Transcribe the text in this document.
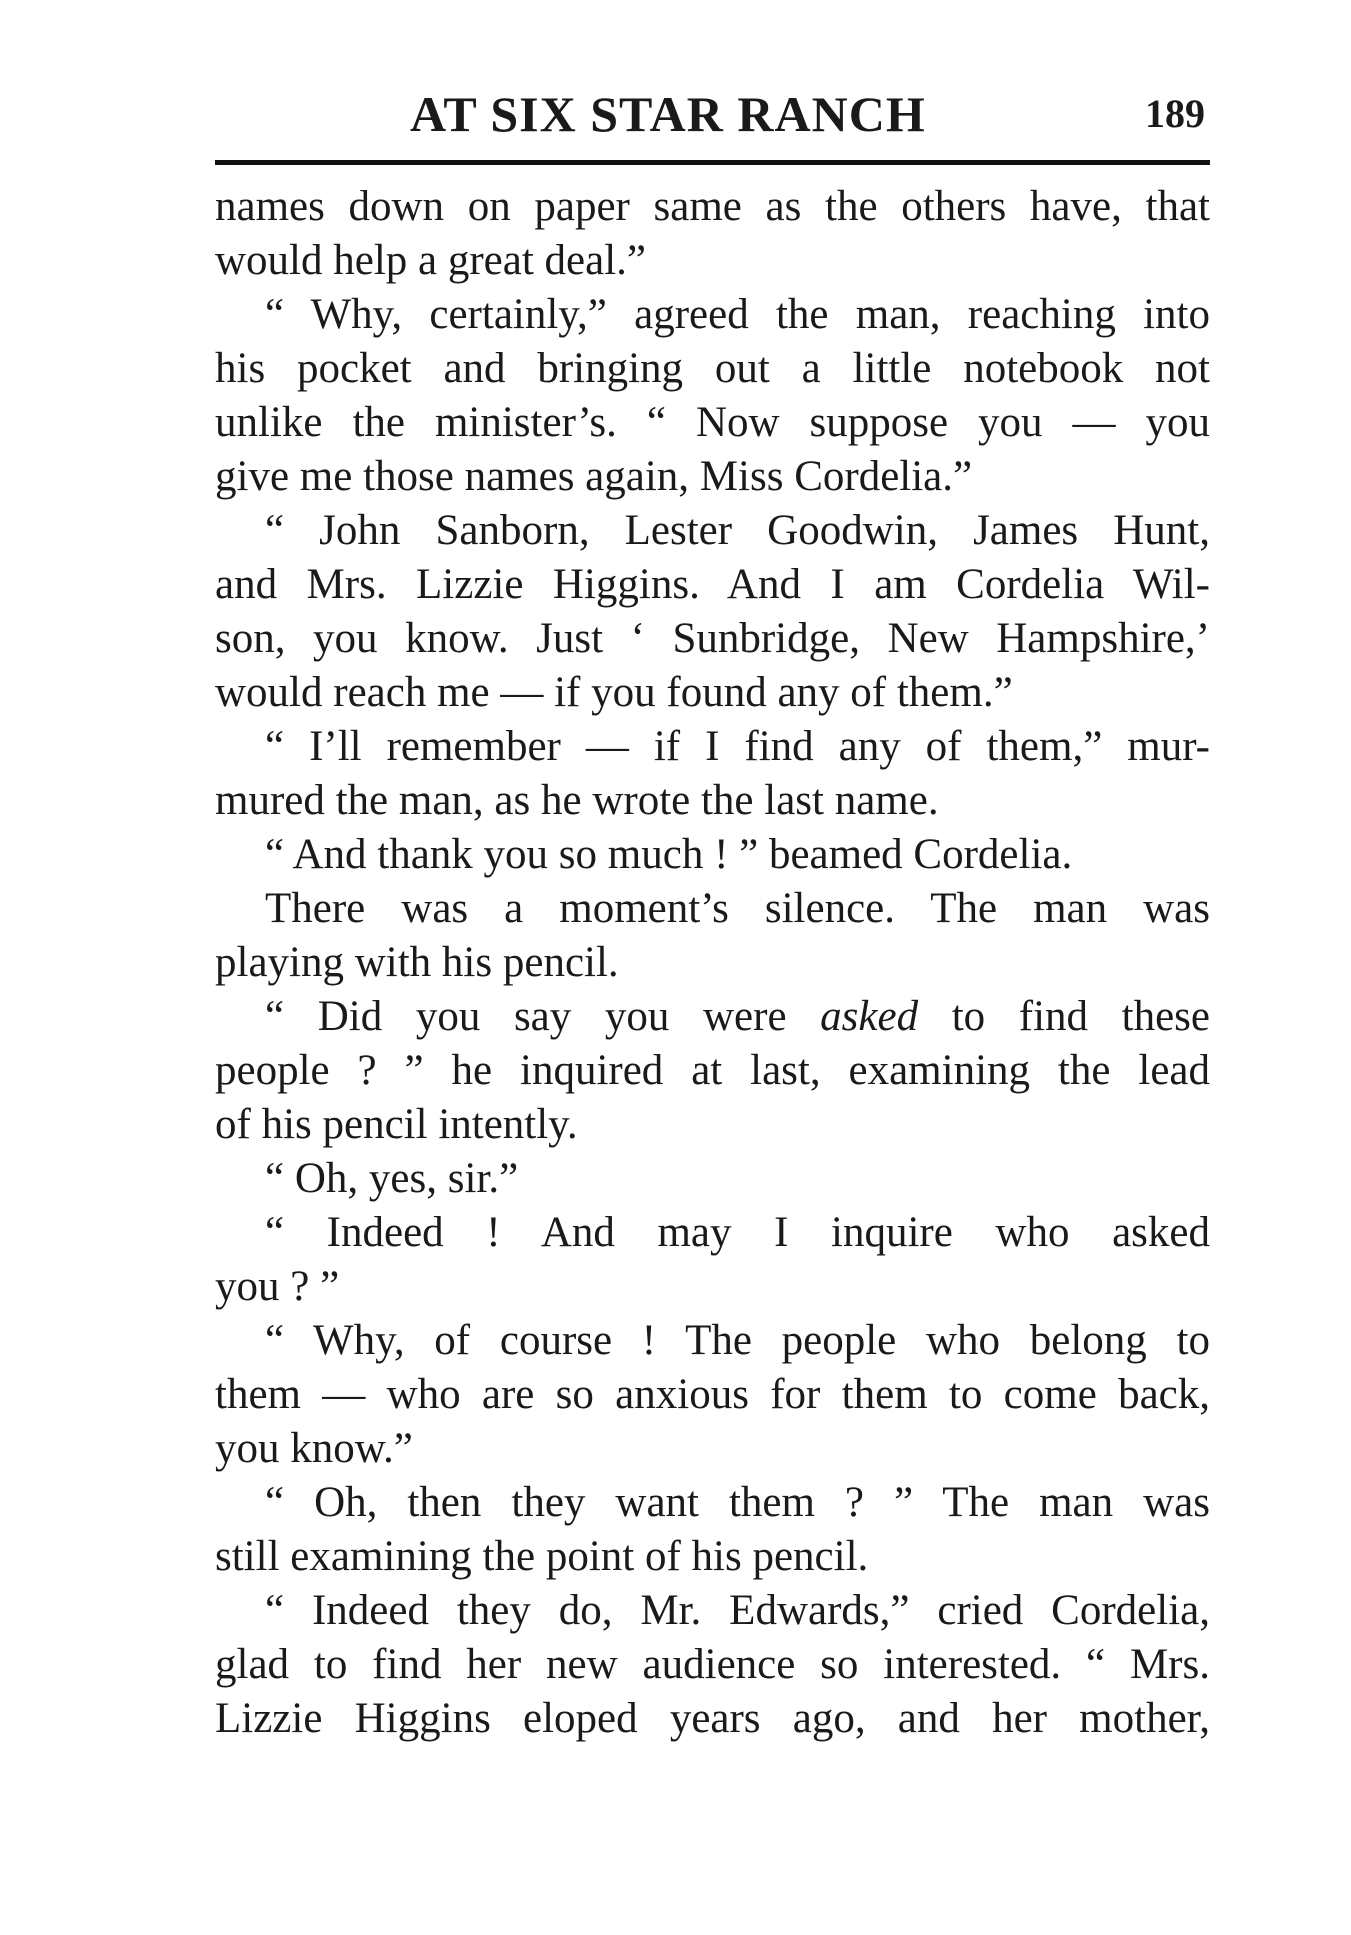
AT SIX STAR RANCH	189
names down on paper same as the others have, that
would help a great deal.”
“ Why, certainly,” agreed the man, reaching into
his pocket and bringing out a little notebook not
unlike the minister’s. “ Now suppose you — you
give me those names again, Miss Cordelia.”
“ John Sanborn, Lester Goodwin, James Hunt,
and Mrs. Lizzie Higgins. And I am Cordelia Wil-
son, you know. Just ‘ Sunbridge, New Hampshire,’
would reach me — if you found any of them.”
“ I’ll remember — if I find any of them,” mur-
mured the man, as he wrote the last name.
“ And thank you so much ! ” beamed Cordelia.
There was a moment’s silence. The man was
playing with his pencil.
“ Did you say you were asked to find these
people ? ” he inquired at last, examining the lead
of his pencil intently.
“ Oh, yes, sir.”
“ Indeed ! And may I inquire who asked
you ? ”
“ Why, of course ! The people who belong to
them — who are so anxious for them to come back,
you know.”
“ Oh, then they want them ? ” The man was
still examining the point of his pencil.
“ Indeed they do, Mr. Edwards,” cried Cordelia,
glad to find her new audience so interested. “ Mrs.
Lizzie Higgins eloped years ago, and her mother,
